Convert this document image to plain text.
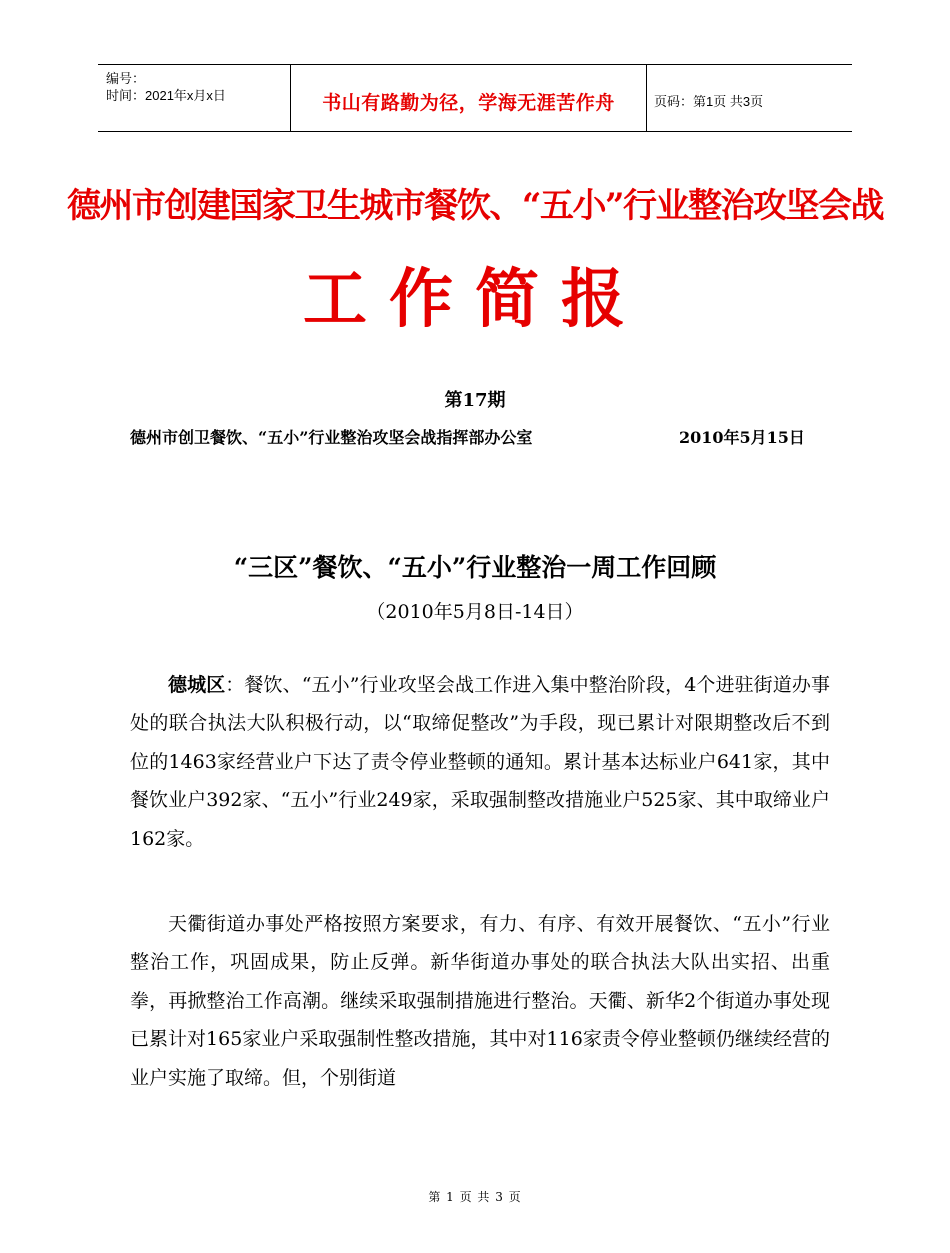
编号：
时间：2021年x月x日	书山有路勤为径，学海无涯苦作舟	页码：第1页 共3页
德州市创建国家卫生城市餐饮、“五小”行业整治攻坚会战
工作简报
第17期
德州市创卫餐饮、“五小”行业整治攻坚会战指挥部办公室	2010年5月15日
“三区”餐饮、“五小”行业整治一周工作回顾
（2010年5月8日-14日）

德城区：餐饮、“五小”行业攻坚会战工作进入集中整治阶段，4个进驻街道办事处的联合执法大队积极行动，以“取缔促整改”为手段，现已累计对限期整改后不到位的1463家经营业户下达了责令停业整顿的通知。累计基本达标业户641家，其中餐饮业户392家、“五小”行业249家，采取强制整改措施业户525家、其中取缔业户162家。

天衢街道办事处严格按照方案要求，有力、有序、有效开展餐饮、“五小”行业整治工作，巩固成果，防止反弹。新华街道办事处的联合执法大队出实招、出重拳，再掀整治工作高潮。继续采取强制措施进行整治。天衢、新华2个街道办事处现已累计对165家业户采取强制性整改措施，其中对116家责令停业整顿仍继续经营的业户实施了取缔。但，个别街道

第 1 页 共 3 页
